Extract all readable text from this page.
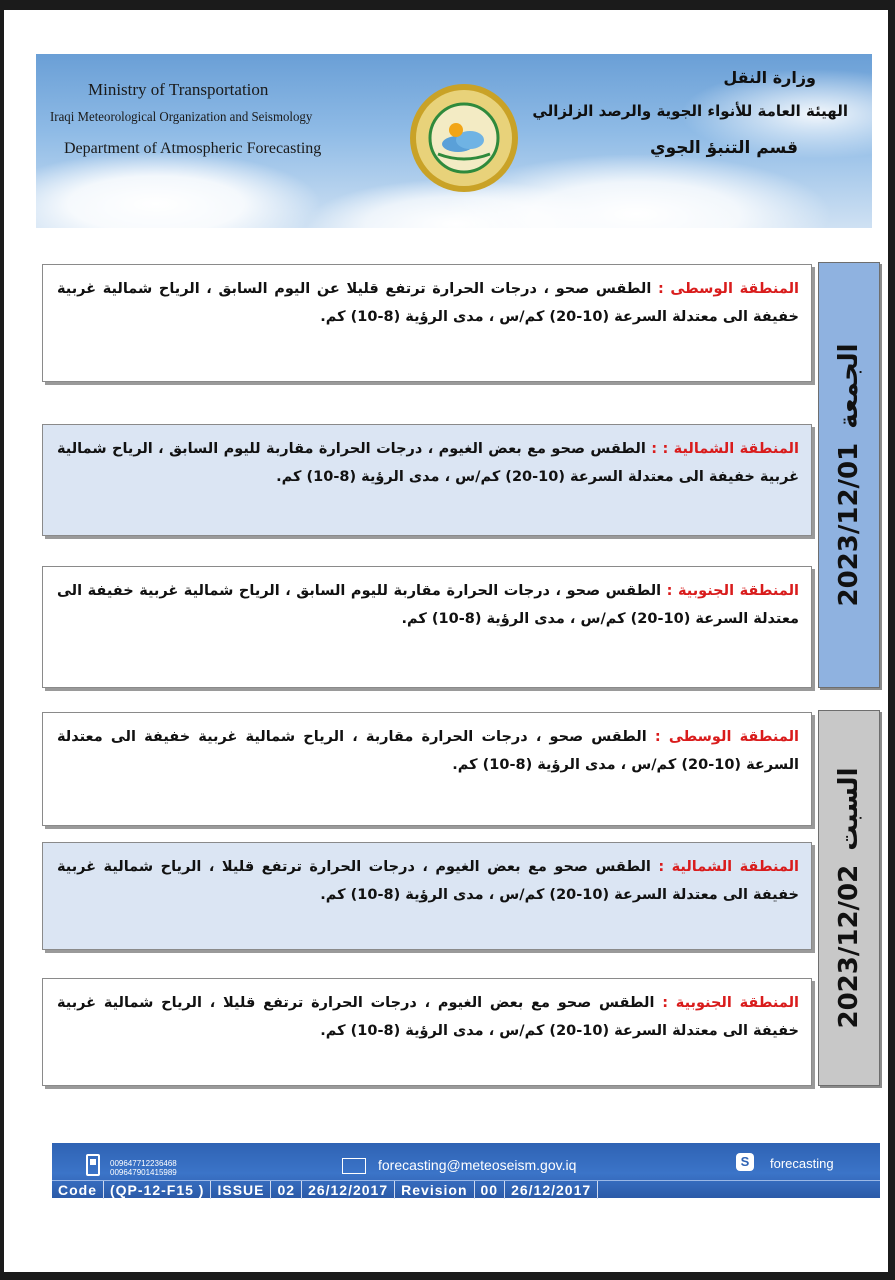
Ministry of Transportation
Iraqi Meteorological Organization and Seismology
Department of Atmospheric Forecasting
وزارة النقل
الهيئة العامة للأنواء الجوية والرصد الزلزالي
قسم التنبؤ الجوي
المنطقة الوسطى : الطقس صحو ، درجات الحرارة ترتفع قليلا عن اليوم السابق ، الرياح شمالية غربية خفيفة الى معتدلة السرعة (10-20) كم/س ، مدى الرؤية (8-10) كم.
المنطقة الشمالية : : الطقس صحو مع بعض الغيوم ، درجات الحرارة مقاربة لليوم السابق ، الرياح شمالية غربية خفيفة الى معتدلة السرعة (10-20) كم/س ، مدى الرؤية (8-10) كم.
المنطقة الجنوبية : الطقس صحو ، درجات الحرارة مقاربة لليوم السابق ، الرياح شمالية غربية خفيفة الى معتدلة السرعة (10-20) كم/س ، مدى الرؤية (8-10) كم.
2023/12/01الجمعة
المنطقة الوسطى : الطقس صحو ، درجات الحرارة مقاربة ، الرياح شمالية غربية خفيفة الى معتدلة السرعة (10-20) كم/س ، مدى الرؤية (8-10) كم.
المنطقة الشمالية : الطقس صحو مع بعض الغيوم ، درجات الحرارة ترتفع قليلا ، الرياح شمالية غربية خفيفة الى معتدلة السرعة (10-20) كم/س ، مدى الرؤية (8-10) كم.
المنطقة الجنوبية : الطقس صحو مع بعض الغيوم ، درجات الحرارة ترتفع قليلا ، الرياح شمالية غربية خفيفة الى معتدلة السرعة (10-20) كم/س ، مدى الرؤية (8-10) كم.
2023/12/02السبت
009647712236468
009647901415989	forecasting@meteoseism.gov.iq	S	forecasting
Code (QP-12-F15 ) ISSUE 02 26/12/2017 Revision 00 26/12/2017
